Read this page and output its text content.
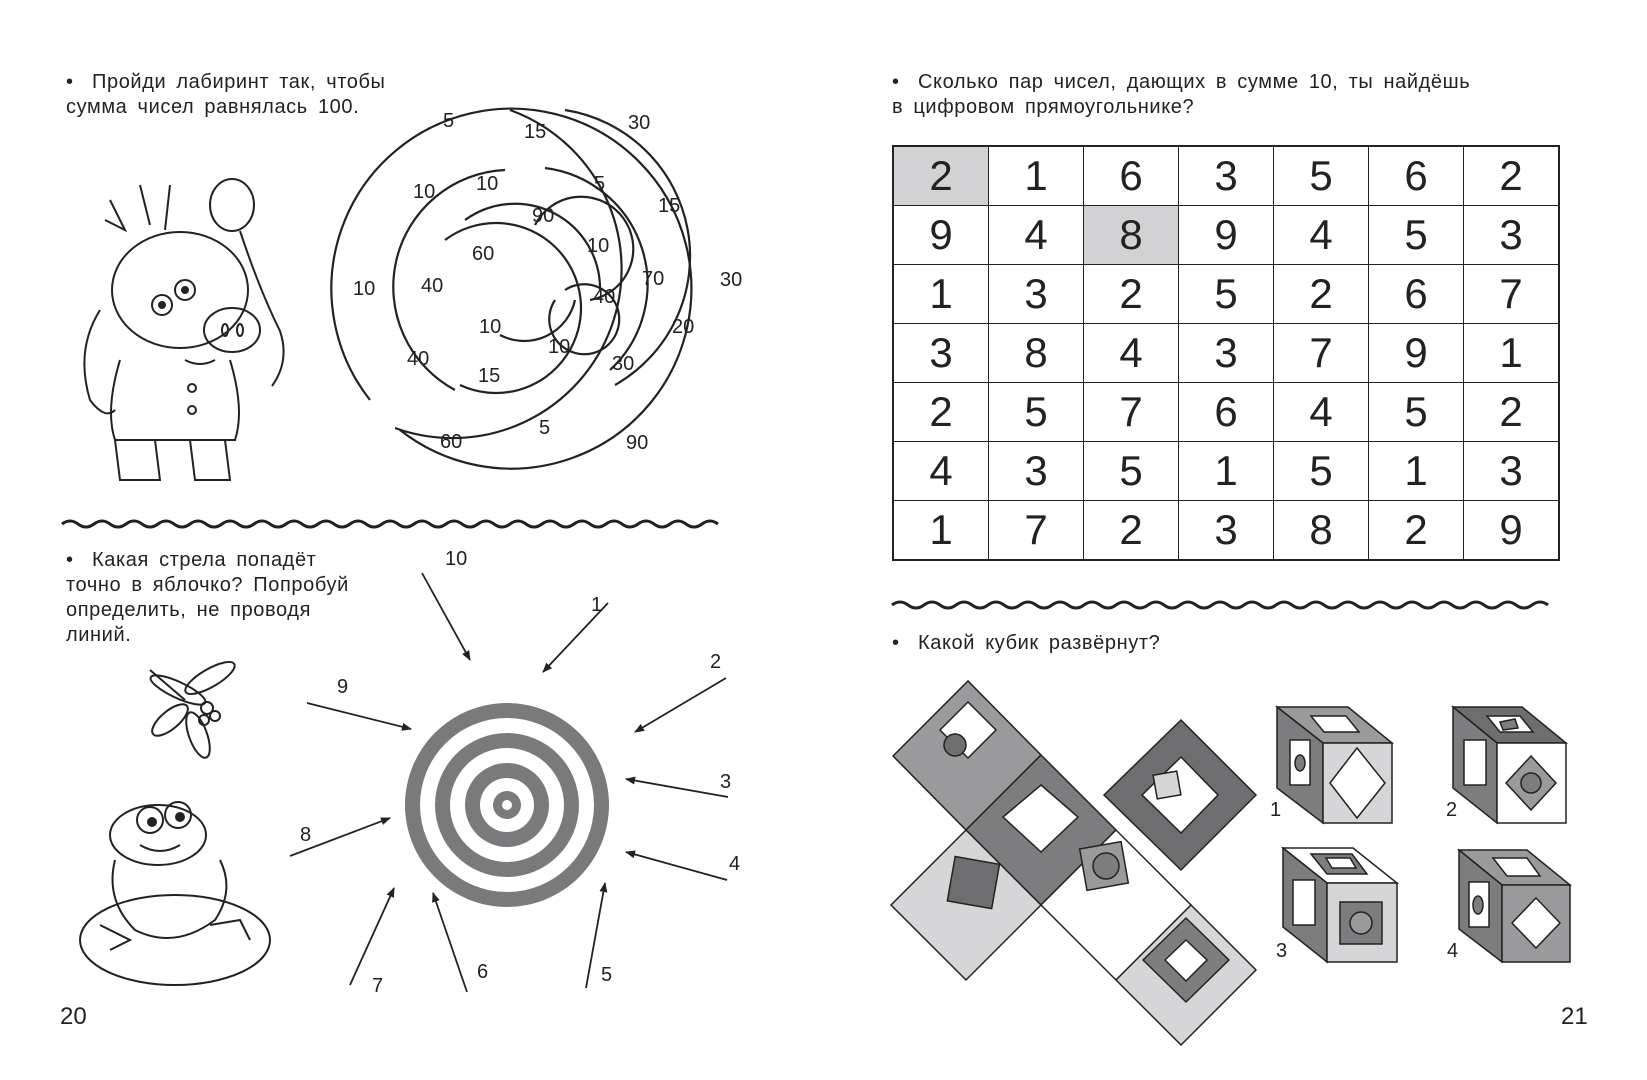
5	15	30
10 10	5
15
90
10
60
10 40	70	30
40
20
10
10
40
15
30
5
60	90
10
1
2
3
4
5
6
7
8
9
1	2
3	4

• Пройди лабиринт так, чтобы

сумма чисел равнялась 100.

• Какая стрела попадёт

точно в яблочко? Попробуй

определить, не проводя

линий.

20

• Сколько пар чисел, дающих в сумме 10, ты найдёшь

в цифровом прямоугольнике?

2	1	6	3	5	6	2
9	4	8	9	4	5	3
1	3	2	5	2	6	7
3	8	4	3	7	9	1
2	5	7	6	4	5	2
4	3	5	1	5	1	3
1	7	2	3	8	2	9

• Какой кубик развёрнут?

21
